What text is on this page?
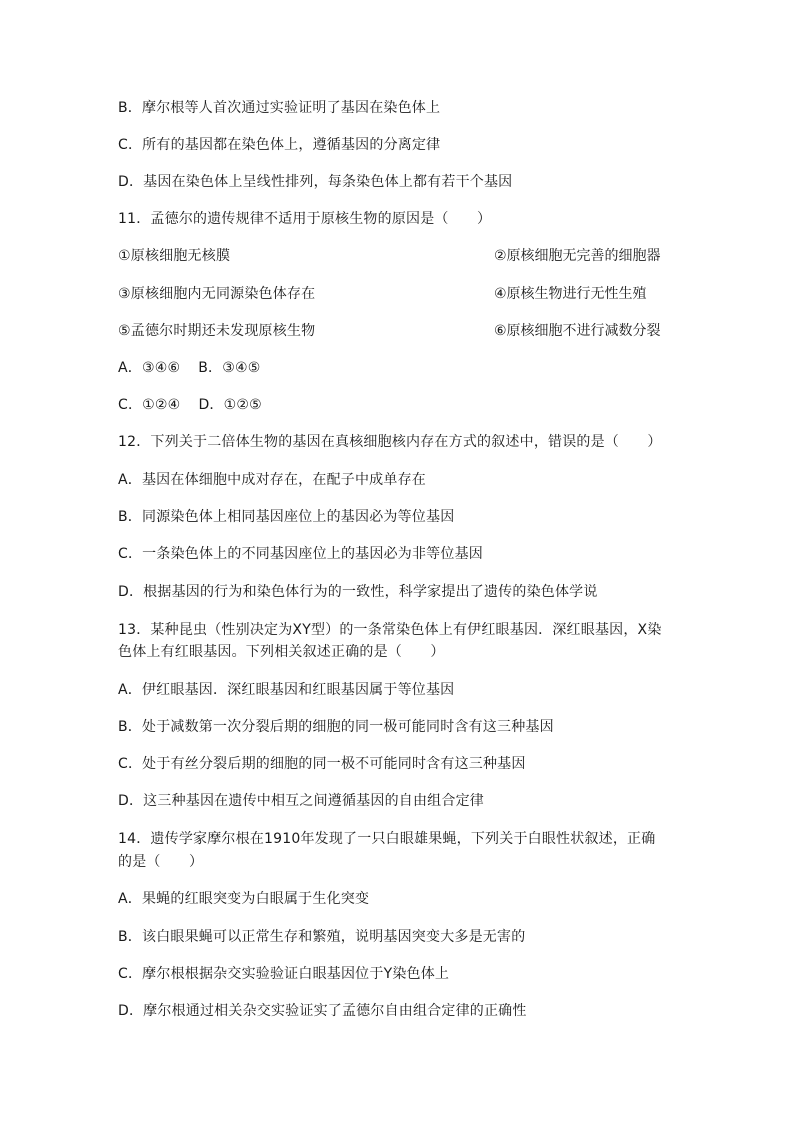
B．摩尔根等人首次通过实验证明了基因在染色体上
C．所有的基因都在染色体上，遵循基因的分离定律
D．基因在染色体上呈线性排列，每条染色体上都有若干个基因
11．孟德尔的遗传规律不适用于原核生物的原因是（　　）
①原核细胞无核膜	②原核细胞无完善的细胞器
③原核细胞内无同源染色体存在	④原核生物进行无性生殖
⑤孟德尔时期还未发现原核生物	⑥原核细胞不进行减数分裂
A．③④⑥ B．③④⑤
C．①②④ D．①②⑤
12．下列关于二倍体生物的基因在真核细胞核内存在方式的叙述中，错误的是（　　）
A．基因在体细胞中成对存在，在配子中成单存在
B．同源染色体上相同基因座位上的基因必为等位基因
C．一条染色体上的不同基因座位上的基因必为非等位基因
D．根据基因的行为和染色体行为的一致性，科学家提出了遗传的染色体学说
13．某种昆虫（性别决定为XY型）的一条常染色体上有伊红眼基因．深红眼基因，X染
色体上有红眼基因。下列相关叙述正确的是（　　）
A．伊红眼基因．深红眼基因和红眼基因属于等位基因
B．处于减数第一次分裂后期的细胞的同一极可能同时含有这三种基因
C．处于有丝分裂后期的细胞的同一极不可能同时含有这三种基因
D．这三种基因在遗传中相互之间遵循基因的自由组合定律
14．遗传学家摩尔根在1910年发现了一只白眼雄果蝇，下列关于白眼性状叙述，正确
的是（　　）
A．果蝇的红眼突变为白眼属于生化突变
B．该白眼果蝇可以正常生存和繁殖，说明基因突变大多是无害的
C．摩尔根根据杂交实验验证白眼基因位于Y染色体上
D．摩尔根通过相关杂交实验证实了孟德尔自由组合定律的正确性
